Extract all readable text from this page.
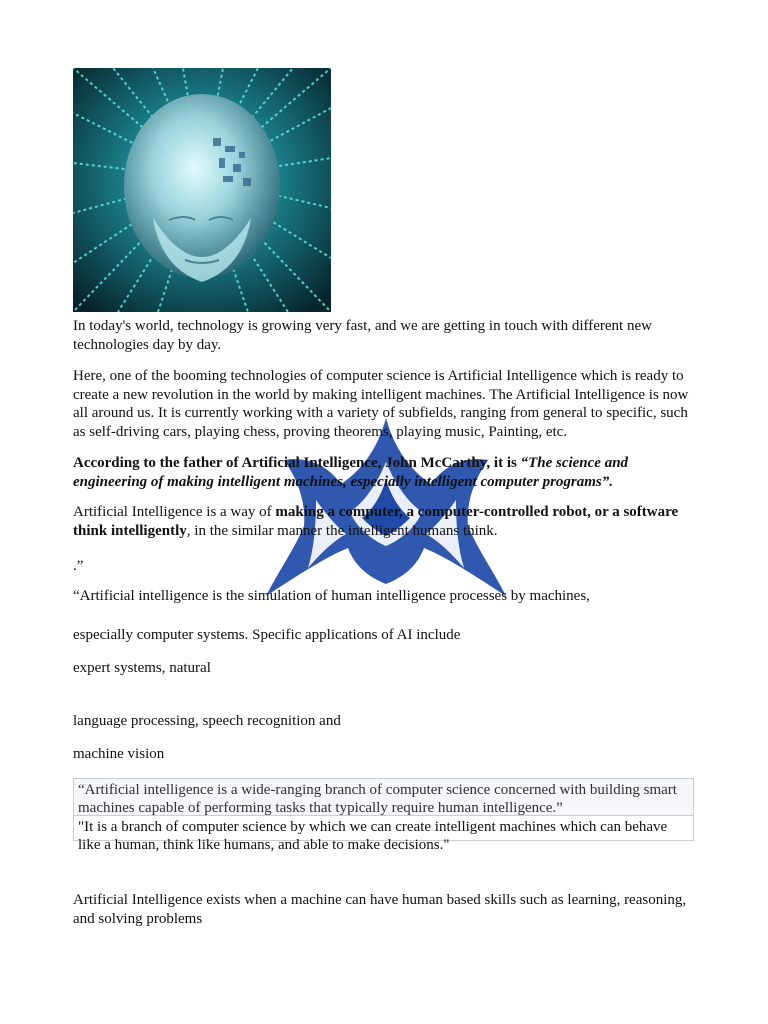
In today's world, technology is growing very fast, and we are getting in touch with different new technologies day by day.

Here, one of the booming technologies of computer science is Artificial Intelligence which is ready to create a new revolution in the world by making intelligent machines. The Artificial Intelligence is now all around us. It is currently working with a variety of subfields, ranging from general to specific, such as self-driving cars, playing chess, proving theorems, playing music, Painting, etc.

According to the father of Artificial Intelligence, John McCarthy, it is “The science and engineering of making intelligent machines, especially intelligent computer programs”.

Artificial Intelligence is a way of making a computer, a computer-controlled robot, or a software think intelligently, in the similar manner the intelligent humans think.

.”

“Artificial intelligence is the simulation of human intelligence processes by machines,

especially computer systems. Specific applications of AI include

expert systems, natural

language processing, speech recognition and

machine vision

“Artificial intelligence is a wide-ranging branch of computer science concerned with building smart machines capable of performing tasks that typically require human intelligence.”
"It is a branch of computer science by which we can create intelligent machines which can behave like a human, think like humans, and able to make decisions."

Artificial Intelligence exists when a machine can have human based skills such as learning, reasoning, and solving problems
